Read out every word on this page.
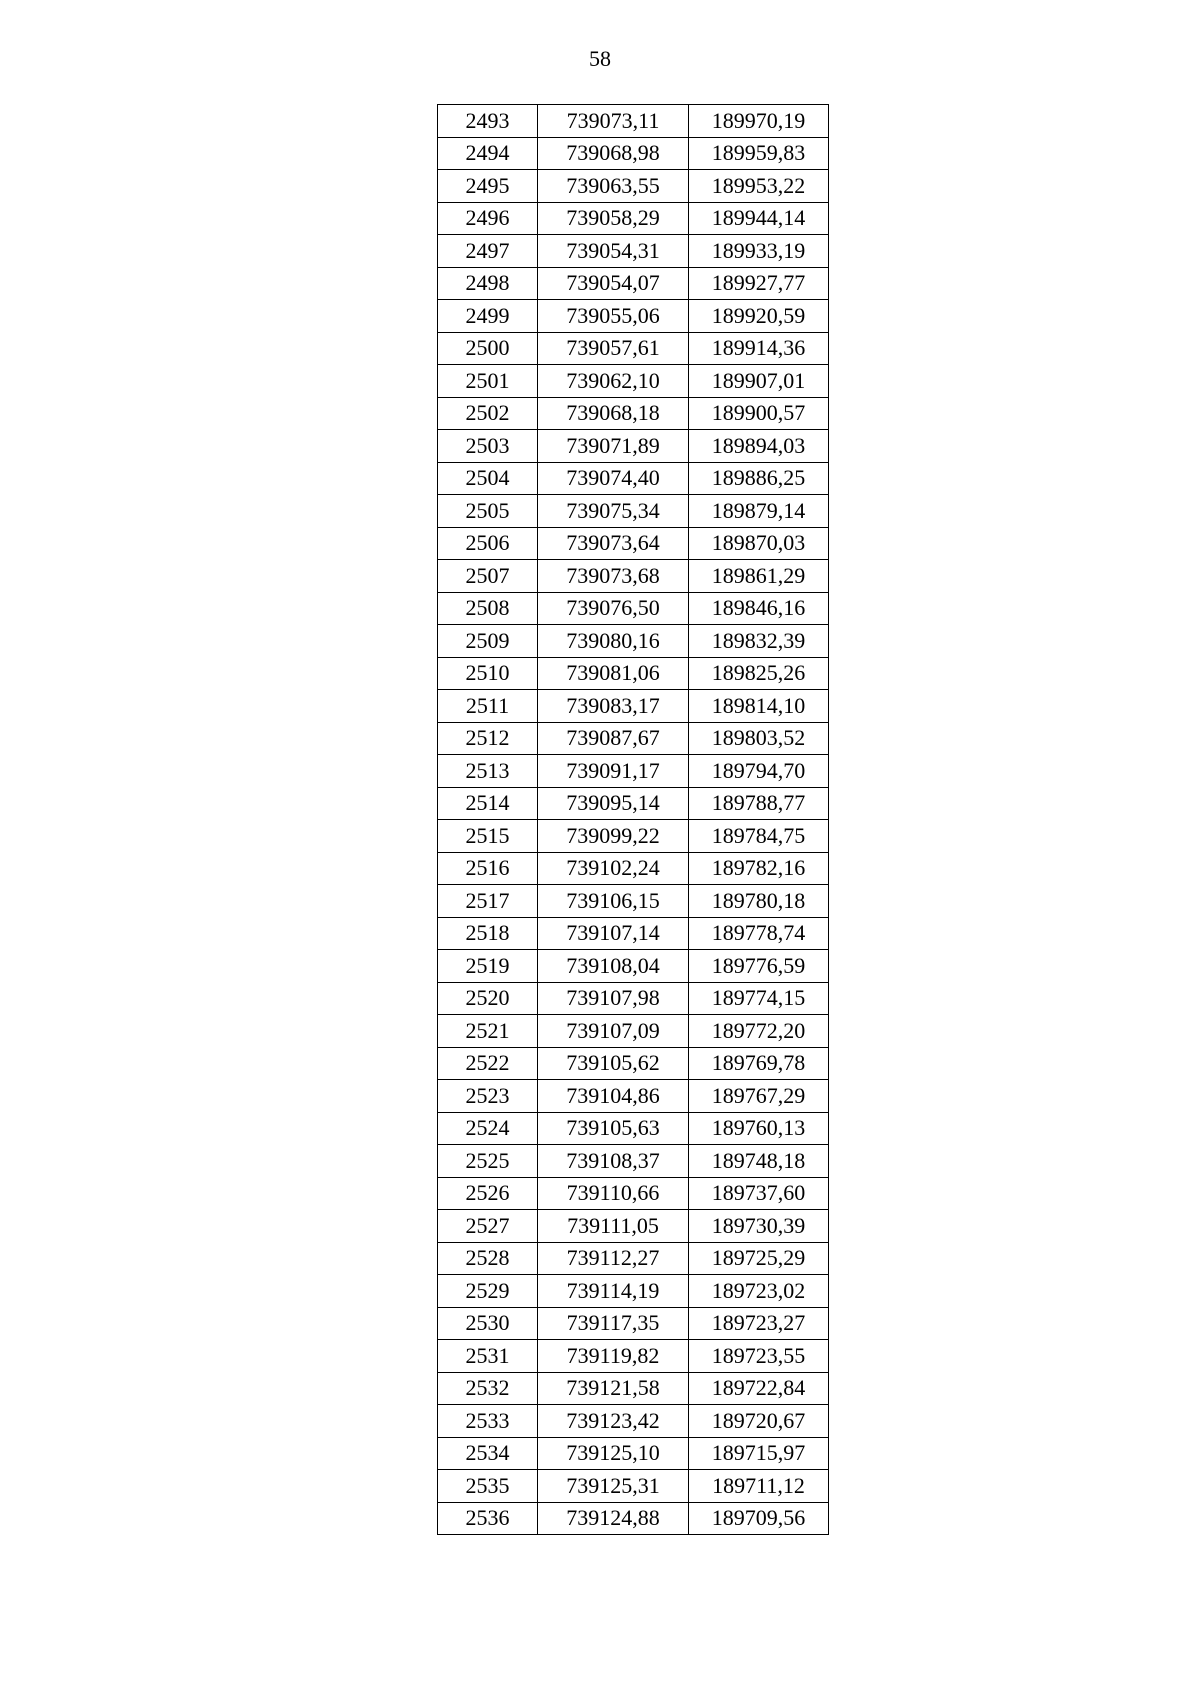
58
2493	739073,11	189970,19
2494	739068,98	189959,83
2495	739063,55	189953,22
2496	739058,29	189944,14
2497	739054,31	189933,19
2498	739054,07	189927,77
2499	739055,06	189920,59
2500	739057,61	189914,36
2501	739062,10	189907,01
2502	739068,18	189900,57
2503	739071,89	189894,03
2504	739074,40	189886,25
2505	739075,34	189879,14
2506	739073,64	189870,03
2507	739073,68	189861,29
2508	739076,50	189846,16
2509	739080,16	189832,39
2510	739081,06	189825,26
2511	739083,17	189814,10
2512	739087,67	189803,52
2513	739091,17	189794,70
2514	739095,14	189788,77
2515	739099,22	189784,75
2516	739102,24	189782,16
2517	739106,15	189780,18
2518	739107,14	189778,74
2519	739108,04	189776,59
2520	739107,98	189774,15
2521	739107,09	189772,20
2522	739105,62	189769,78
2523	739104,86	189767,29
2524	739105,63	189760,13
2525	739108,37	189748,18
2526	739110,66	189737,60
2527	739111,05	189730,39
2528	739112,27	189725,29
2529	739114,19	189723,02
2530	739117,35	189723,27
2531	739119,82	189723,55
2532	739121,58	189722,84
2533	739123,42	189720,67
2534	739125,10	189715,97
2535	739125,31	189711,12
2536	739124,88	189709,56
